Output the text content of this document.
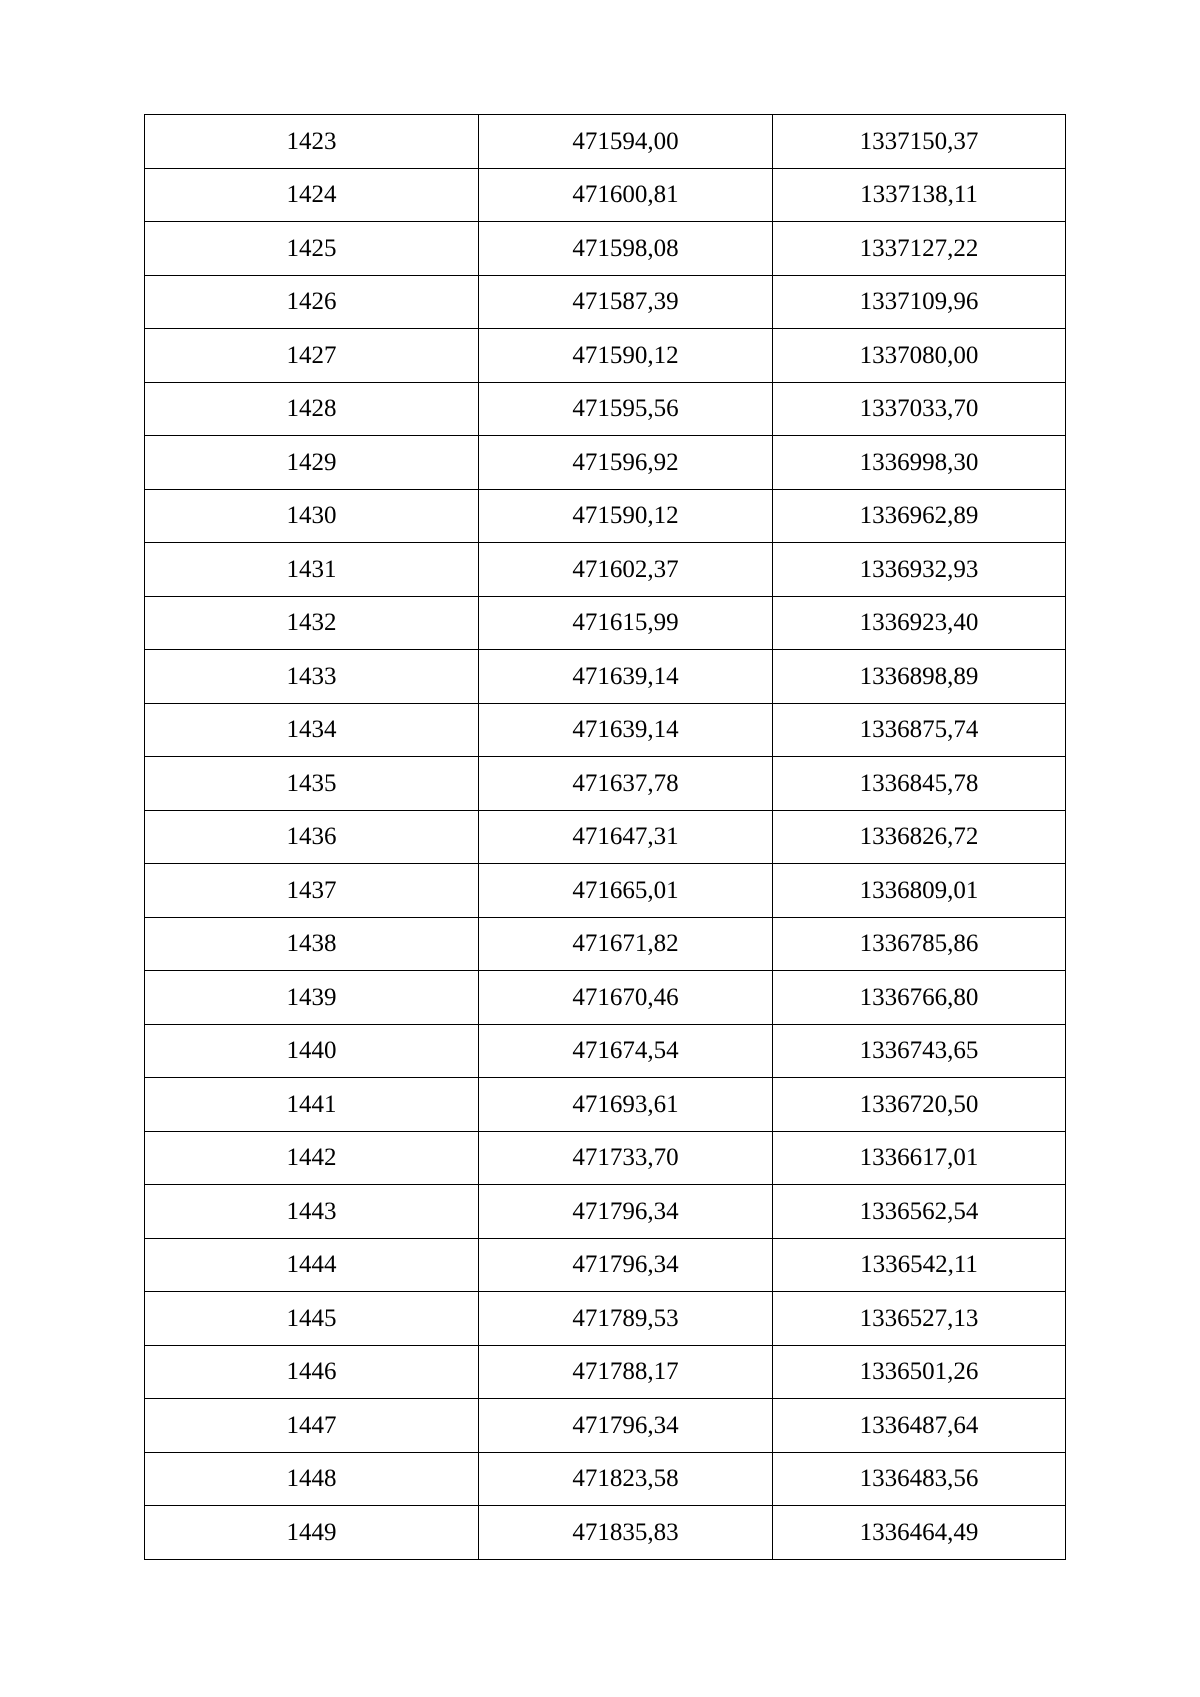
1423	471594,00	1337150,37
1424	471600,81	1337138,11
1425	471598,08	1337127,22
1426	471587,39	1337109,96
1427	471590,12	1337080,00
1428	471595,56	1337033,70
1429	471596,92	1336998,30
1430	471590,12	1336962,89
1431	471602,37	1336932,93
1432	471615,99	1336923,40
1433	471639,14	1336898,89
1434	471639,14	1336875,74
1435	471637,78	1336845,78
1436	471647,31	1336826,72
1437	471665,01	1336809,01
1438	471671,82	1336785,86
1439	471670,46	1336766,80
1440	471674,54	1336743,65
1441	471693,61	1336720,50
1442	471733,70	1336617,01
1443	471796,34	1336562,54
1444	471796,34	1336542,11
1445	471789,53	1336527,13
1446	471788,17	1336501,26
1447	471796,34	1336487,64
1448	471823,58	1336483,56
1449	471835,83	1336464,49
